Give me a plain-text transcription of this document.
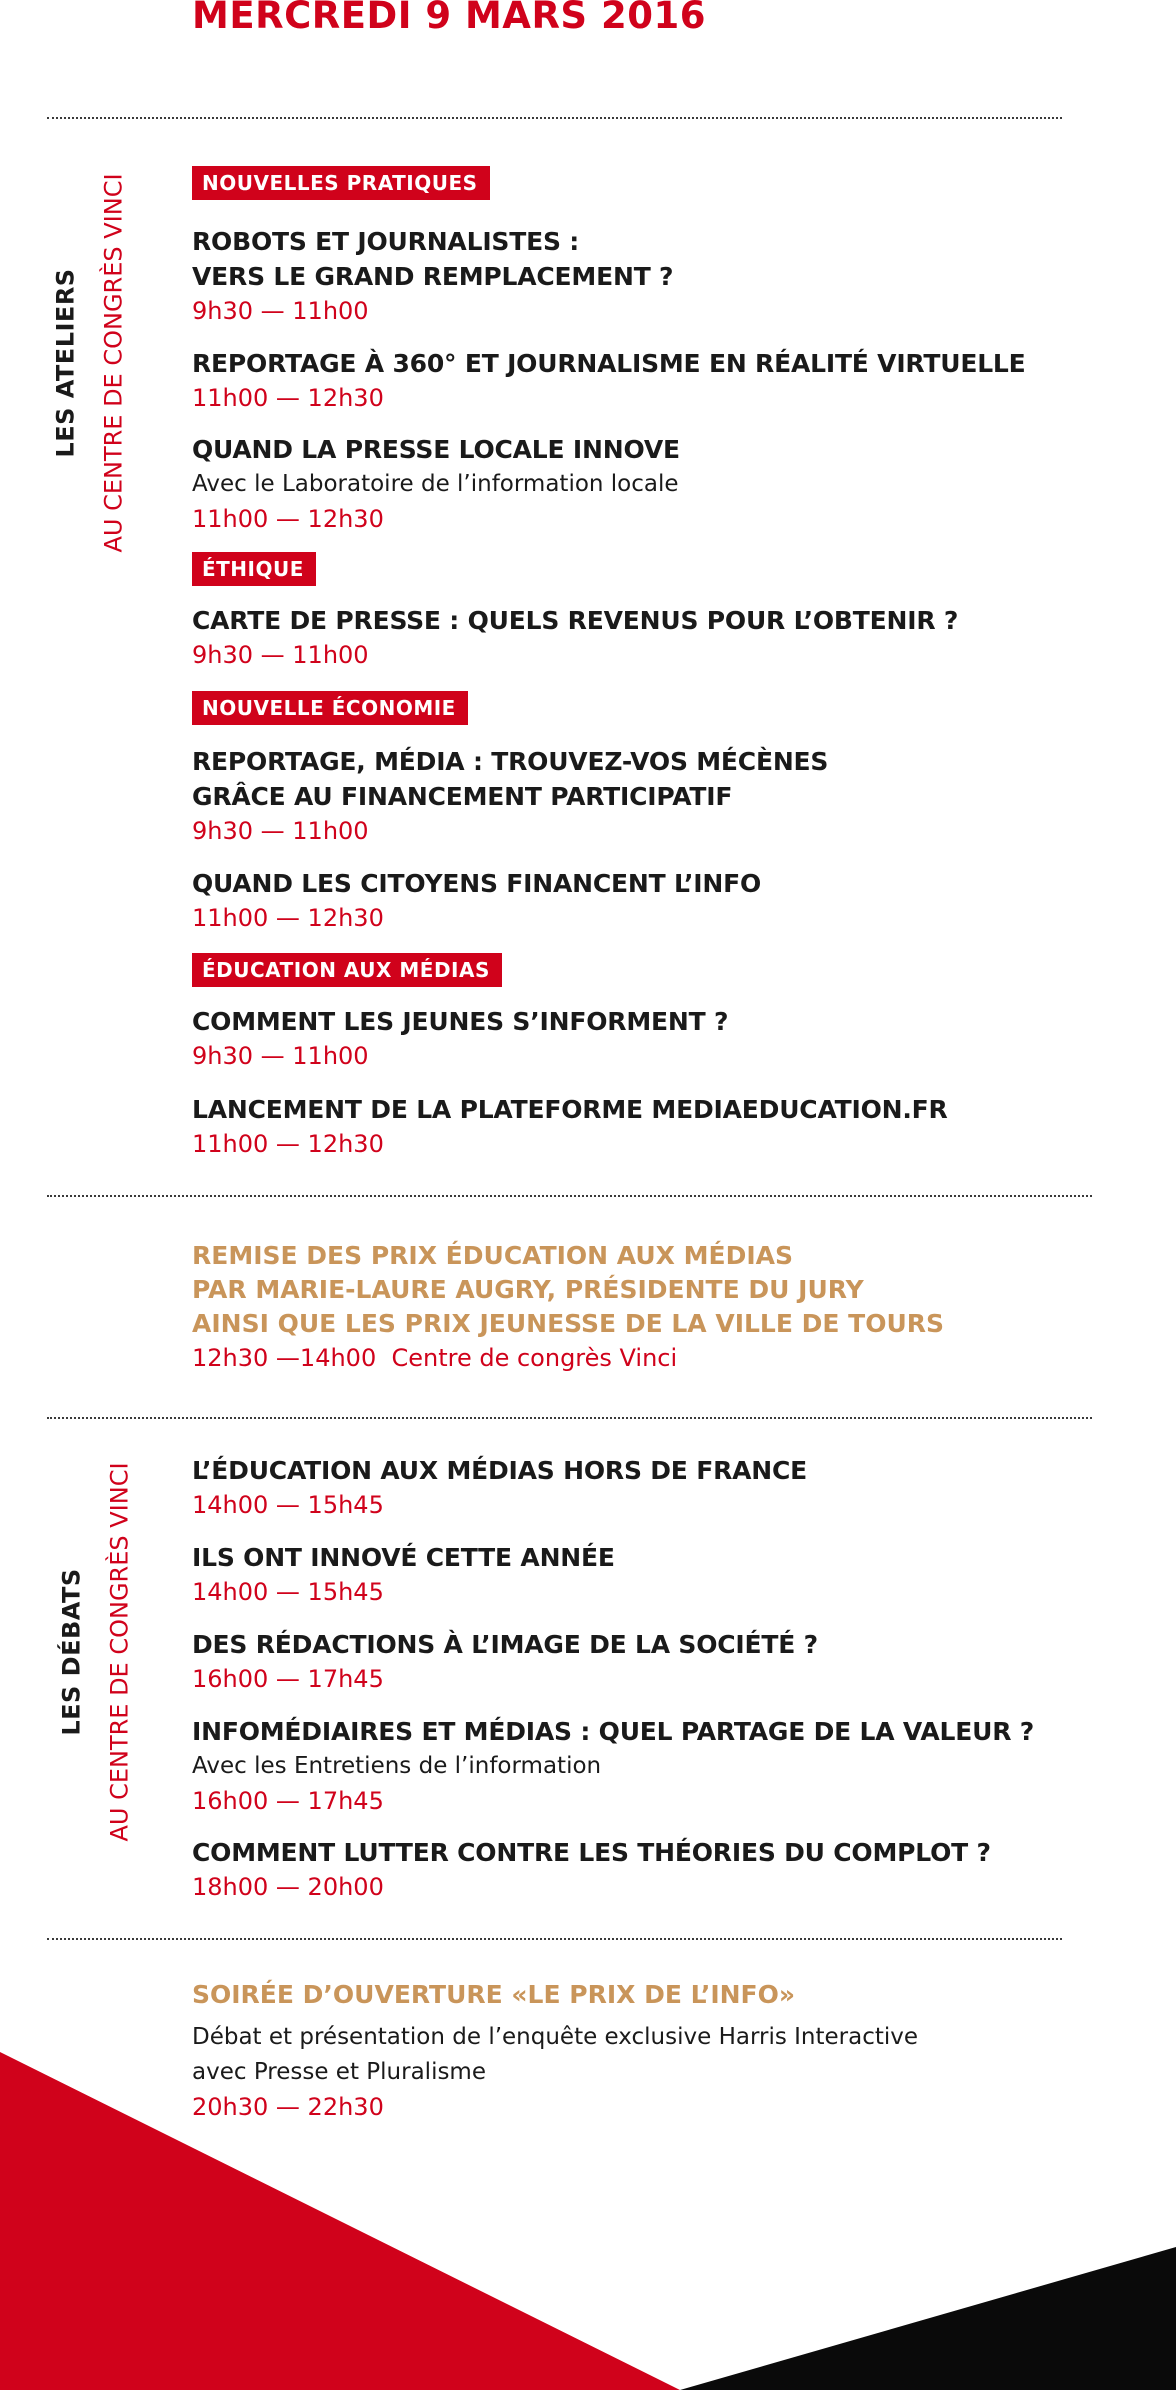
MERCREDI 9 MARS 2016
LES ATELIERS AU CENTRE DE CONGRÈS VINCI	NOUVELLES PRATIQUES
ROBOTS ET JOURNALISTES :
VERS LE GRAND REMPLACEMENT ?
9h30 — 11h00
REPORTAGE À 360° ET JOURNALISME EN RÉALITÉ VIRTUELLE
11h00 — 12h30
QUAND LA PRESSE LOCALE INNOVE
Avec le Laboratoire de l’information locale
11h00 — 12h30
ÉTHIQUE
CARTE DE PRESSE : QUELS REVENUS POUR L’OBTENIR ?
9h30 — 11h00
NOUVELLE ÉCONOMIE
REPORTAGE, MÉDIA : TROUVEZ-VOS MÉCÈNES
GRÂCE AU FINANCEMENT PARTICIPATIF
9h30 — 11h00
QUAND LES CITOYENS FINANCENT L’INFO
11h00 — 12h30
ÉDUCATION AUX MÉDIAS
COMMENT LES JEUNES S’INFORMENT ?
9h30 — 11h00
LANCEMENT DE LA PLATEFORME MEDIAEDUCATION.FR
11h00 — 12h30
REMISE DES PRIX ÉDUCATION AUX MÉDIAS
PAR MARIE-LAURE AUGRY, PRÉSIDENTE DU JURY
AINSI QUE LES PRIX JEUNESSE DE LA VILLE DE TOURS
12h30 —14h00  Centre de congrès Vinci
LES DÉBATS AU CENTRE DE CONGRÈS VINCI L’ÉDUCATION AUX MÉDIAS HORS DE FRANCE
14h00 — 15h45
ILS ONT INNOVÉ CETTE ANNÉE
14h00 — 15h45
DES RÉDACTIONS À L’IMAGE DE LA SOCIÉTÉ ?
16h00 — 17h45
INFOMÉDIAIRES ET MÉDIAS : QUEL PARTAGE DE LA VALEUR ?
Avec les Entretiens de l’information
16h00 — 17h45
COMMENT LUTTER CONTRE LES THÉORIES DU COMPLOT ?
18h00 — 20h00
SOIRÉE D’OUVERTURE «LE PRIX DE L’INFO»
Débat et présentation de l’enquête exclusive Harris Interactive
avec Presse et Pluralisme
20h30 — 22h30
